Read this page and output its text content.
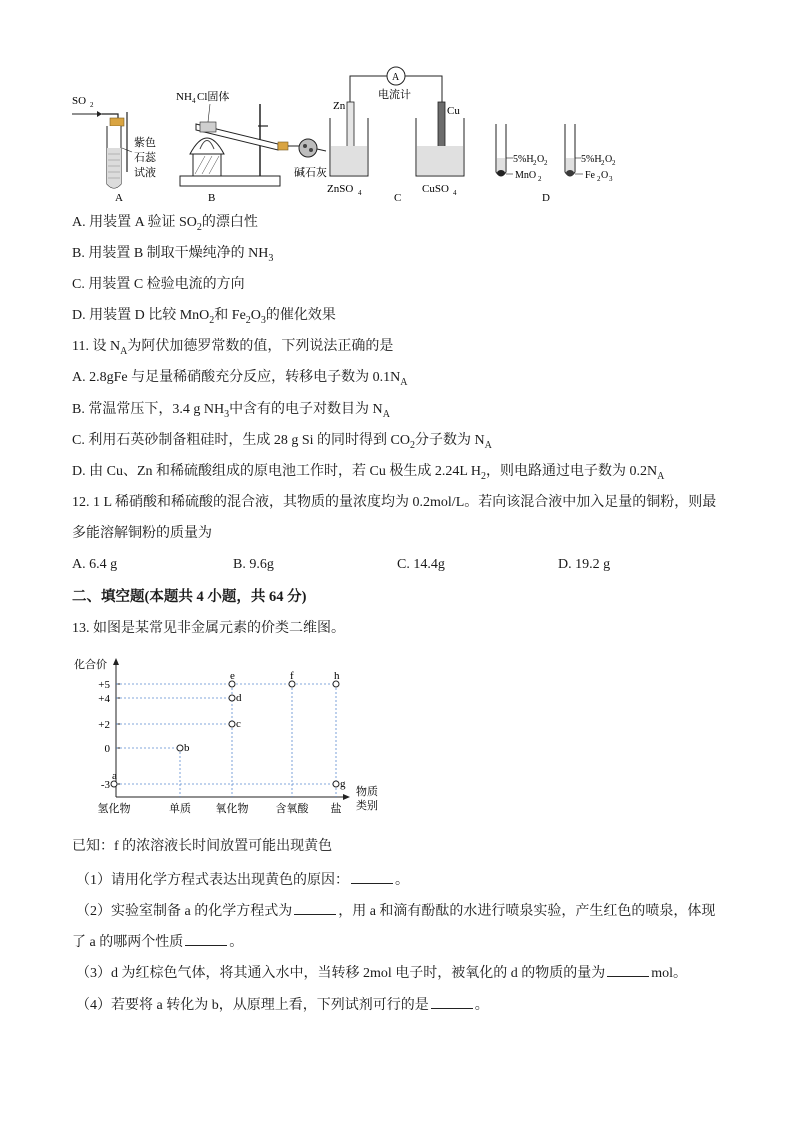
SO 2
紫色
石蕊
试液
A
NH 4 Cl固体
碱石灰
B
A
电流计
Zn
ZnSO 4
Cu
CuSO 4
C
5%H 2 O 2
MnO 2
5%H 2 O 2
Fe 2 O 3
D
A. 用装置 A 验证 $SO_2$的漂白性
B. 用装置 B 制取干燥纯净的 $NH_3$
C. 用装置 C 检验电流的方向
D. 用装置 D 比较 MnO$_2$和 $Fe_2O_3$的催化效果
11. 设 $N_A$为阿伏加德罗常数的值，下列说法正确的是
A. 2.8gFe 与足量稀硝酸充分反应，转移电子数为 $0.1N_A$
B. 常温常压下，3.4 g $NH_3$中含有的电子对数目为 $N_A$
C. 利用石英砂制备粗硅时，生成 28 g Si 的同时得到 $CO_2$分子数为 $N_A$
D. 由 Cu、Zn 和稀硫酸组成的原电池工作时，若 Cu 极生成 2.24L $H_2$，则电路通过电子数为 $0.2N_A$
12. 1 L 稀硝酸和稀硫酸的混合液，其物质的量浓度均为 0.2mol/L。若向该混合液中加入足量的铜粉，则最
多能溶解铜粉的质量为
A. 6.4 g	B. 9.6g	C. 14.4g	D. 19.2 g
二、填空题(本题共 4 小题，共 64 分)
13. 如图是某常见非金属元素的价类二维图。
化合价
物质
类别
+5
+4
+2
0
-3
氢化物	单质 氧化物 含氧酸 盐
a
b
c
d
e	f	h
g
已知：f 的浓溶液长时间放置可能出现黄色
（1）请用化学方程式表达出现黄色的原因：	。
（2）实验室制备 a 的化学方程式为	，用 a 和滴有酚酞的水进行喷泉实验，产生红色的喷泉，体现
了 a 的哪两个性质	。
（3）d 为红棕色气体，将其通入水中，当转移 2mol 电子时，被氧化的 d 的物质的量为	mol。
（4）若要将 a 转化为 b，从原理上看，下列试剂可行的是	。
